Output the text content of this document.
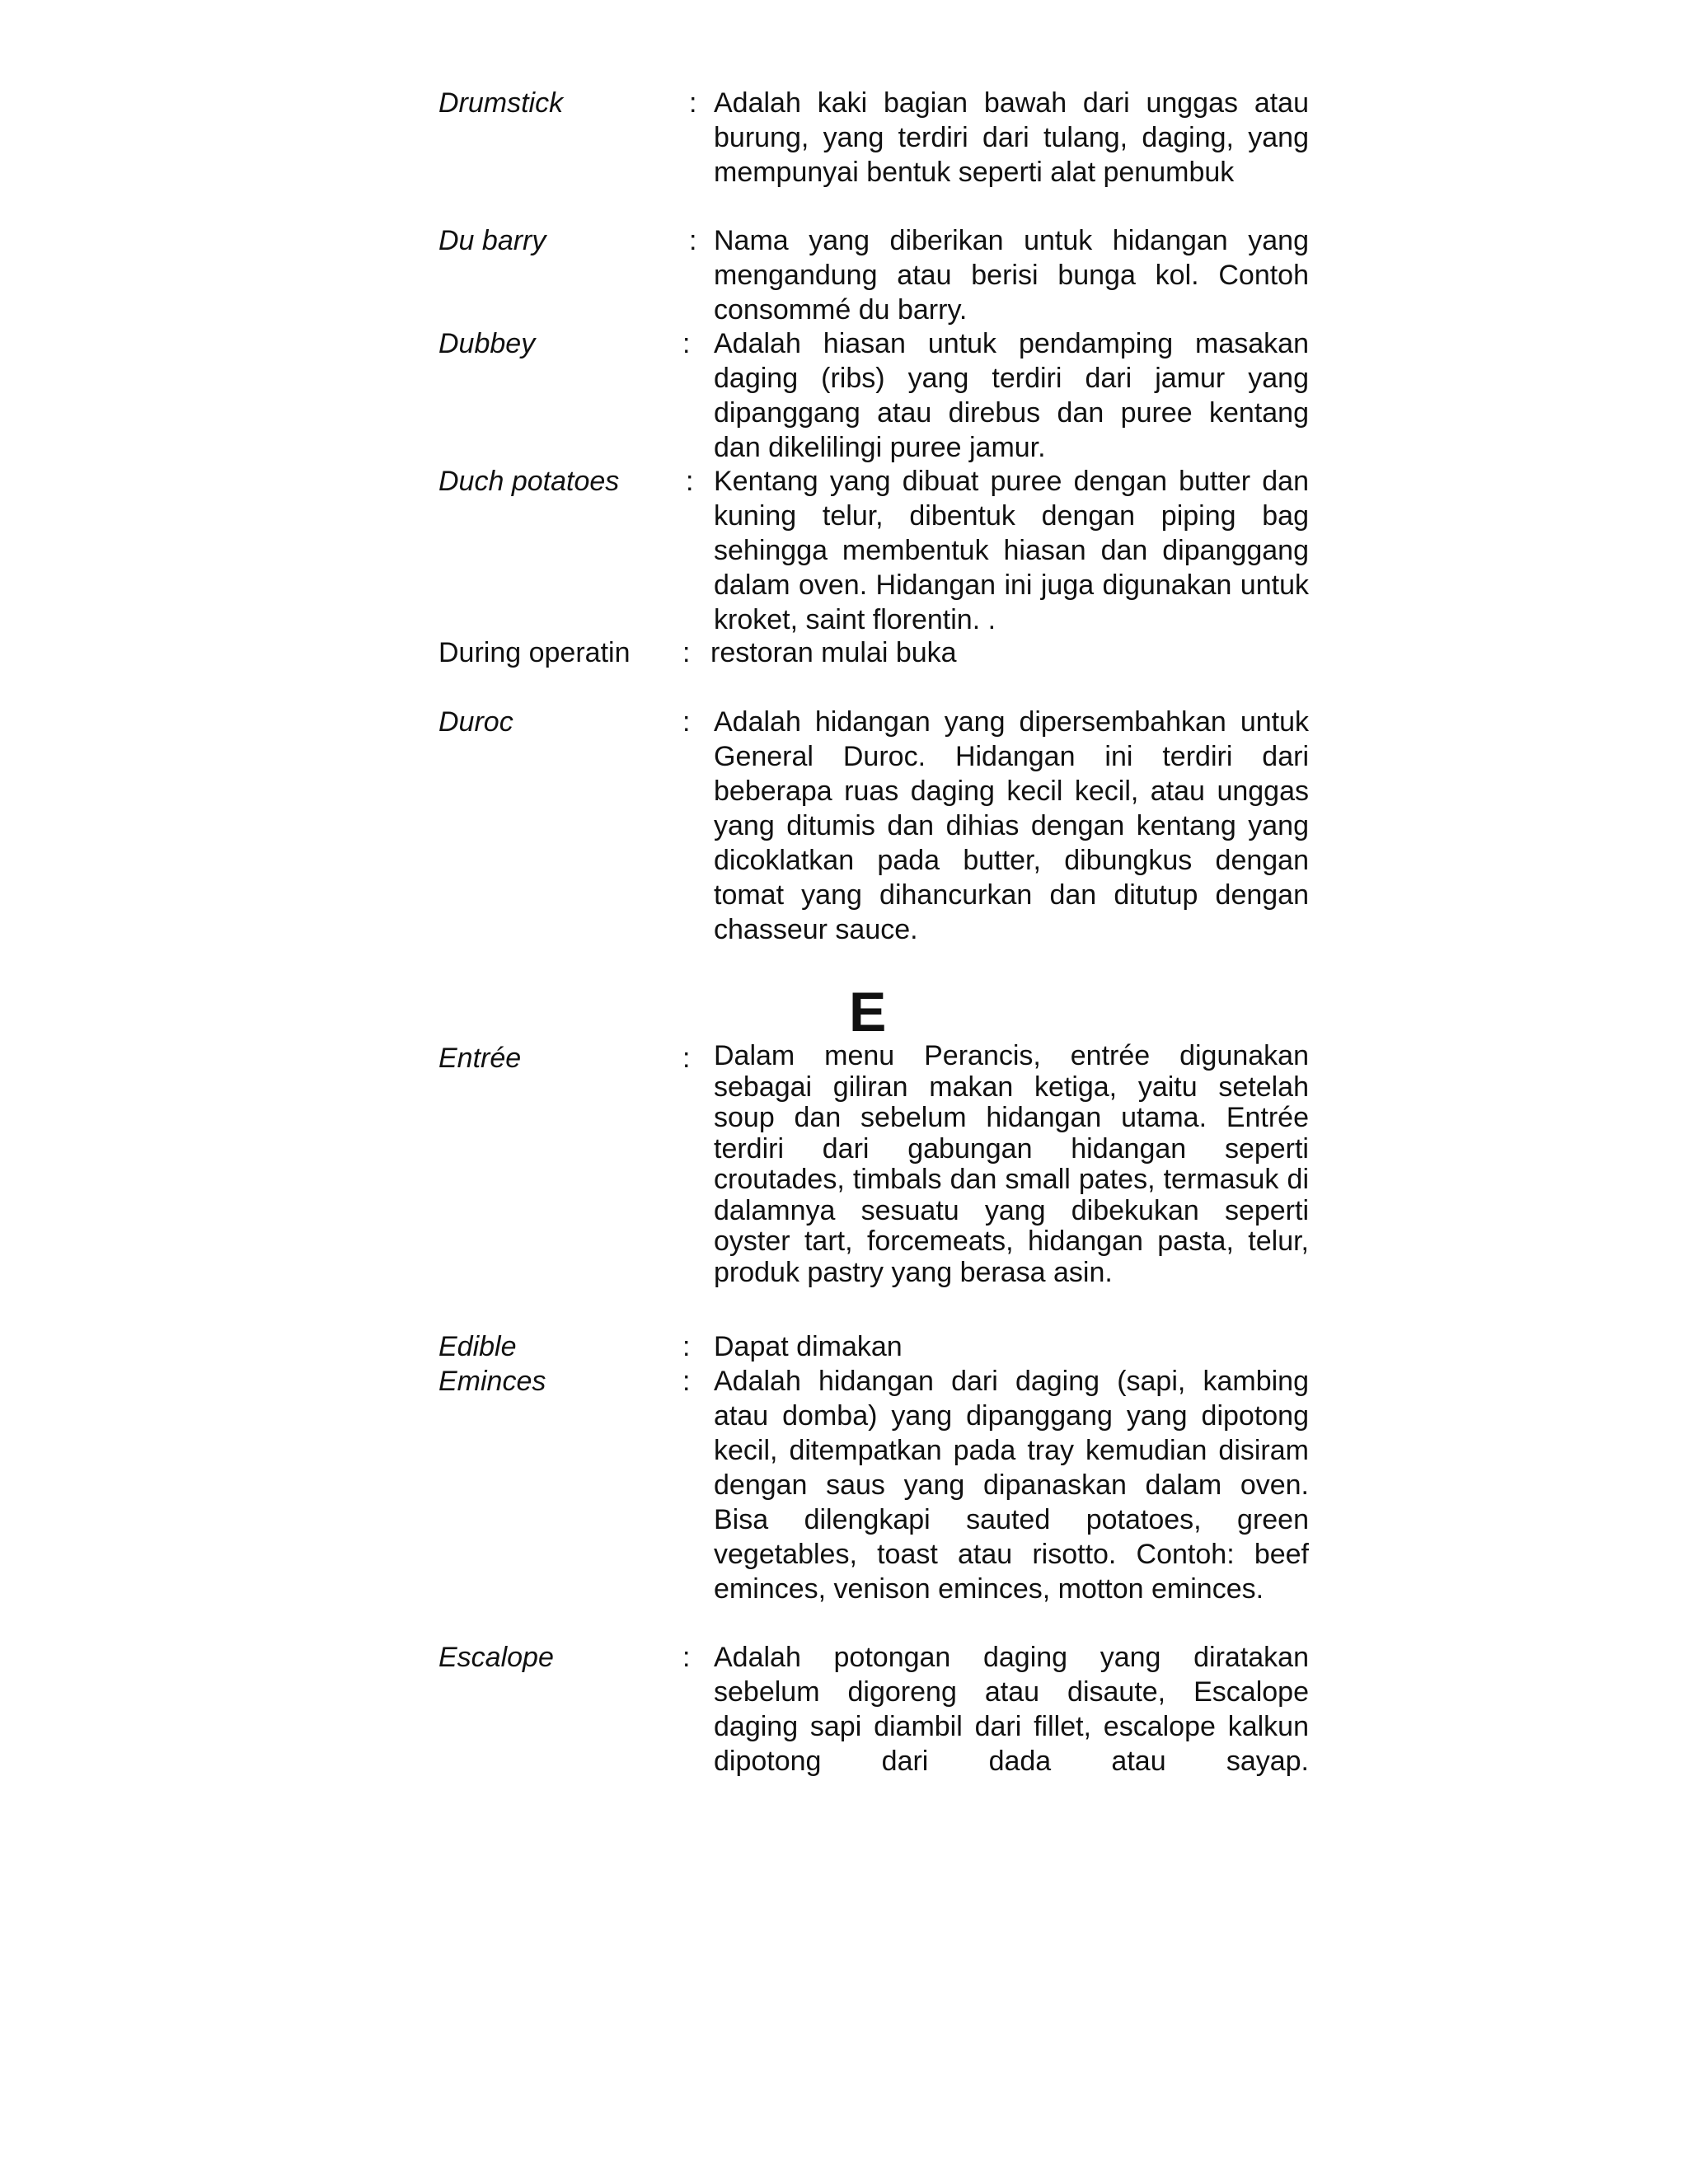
Drumstick	: Adalah kaki bagian bawah dari unggas atau burung, yang terdiri dari tulang, daging, yang mempunyai bentuk seperti alat penumbuk
Du barry	: Nama yang diberikan untuk hidangan yang mengandung atau berisi bunga kol. Contoh consommé du barry.
Dubbey	: Adalah hiasan untuk pendamping masakan daging (ribs) yang terdiri dari jamur yang dipanggang atau direbus dan puree kentang dan dikelilingi puree jamur.
Duch potatoes : Kentang yang dibuat puree dengan butter dan kuning telur, dibentuk dengan piping bag sehingga membentuk hiasan dan dipanggang dalam oven. Hidangan ini juga digunakan untuk kroket, saint florentin. .
During operatin : restoran mulai buka
Duroc	: Adalah hidangan yang dipersembahkan untuk General Duroc. Hidangan ini terdiri dari beberapa ruas daging kecil kecil, atau unggas yang ditumis dan dihias dengan kentang yang dicoklatkan pada butter, dibungkus dengan tomat yang dihancurkan dan ditutup dengan chasseur sauce.
E
Entrée	: Dalam menu Perancis, entrée digunakan sebagai giliran makan ketiga, yaitu setelah soup dan sebelum hidangan utama. Entrée terdiri dari gabungan hidangan seperti croutades, timbals dan small pates, termasuk di dalamnya sesuatu yang dibekukan seperti oyster tart, forcemeats, hidangan pasta, telur, produk pastry yang berasa asin.
Edible	: Dapat dimakan
Eminces	: Adalah hidangan dari daging (sapi, kambing atau domba) yang dipanggang yang dipotong kecil, ditempatkan pada tray kemudian disiram dengan saus yang dipanaskan dalam oven. Bisa dilengkapi sauted potatoes, green vegetables, toast atau risotto. Contoh: beef eminces, venison eminces, motton eminces.
Escalope	: Adalah potongan daging yang diratakan sebelum digoreng atau disaute, Escalope daging sapi diambil dari fillet, escalope kalkun dipotong dari dada atau sayap.
